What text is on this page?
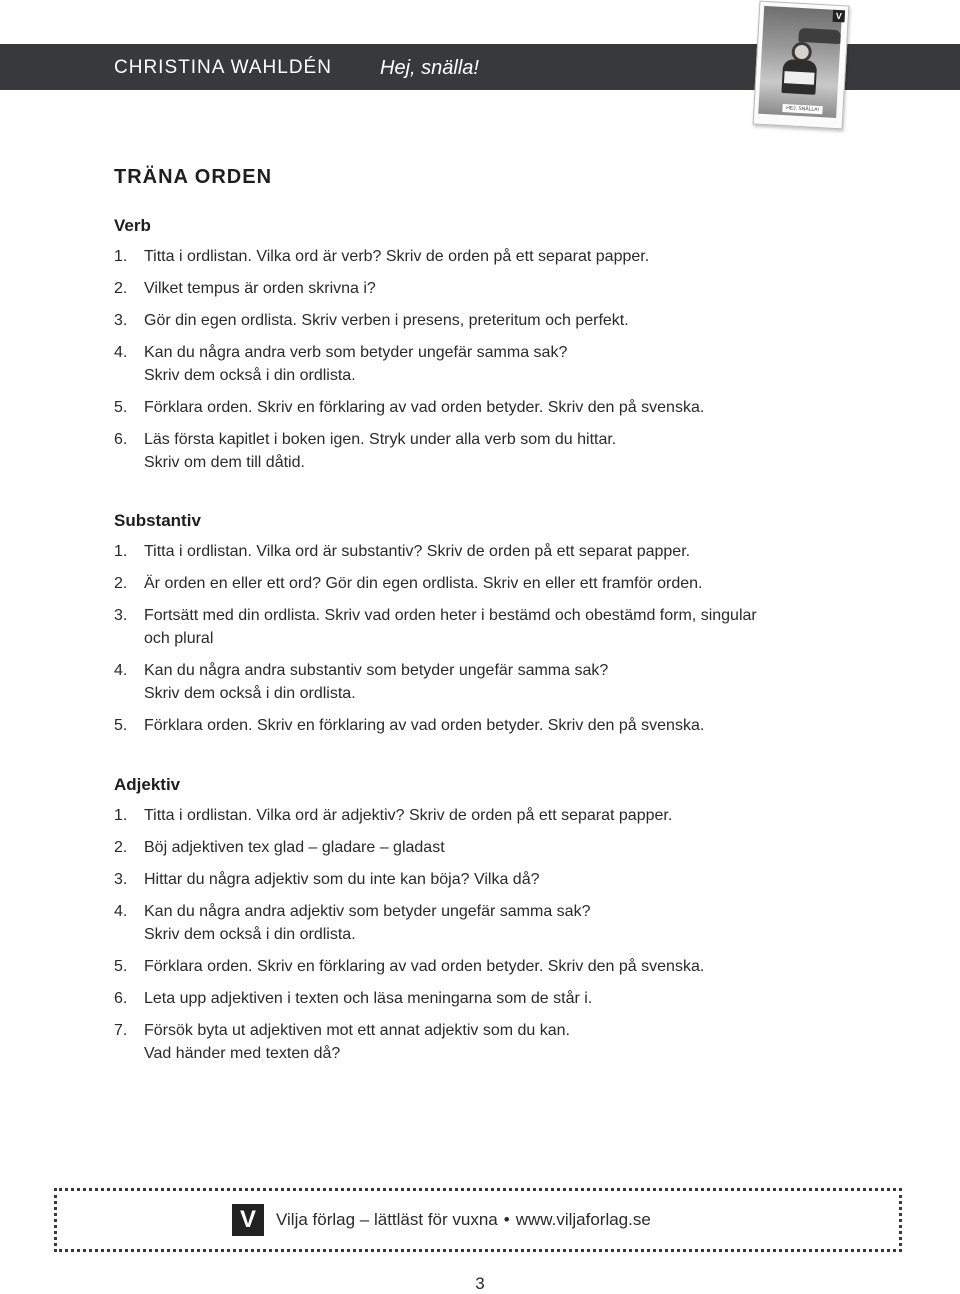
CHRISTINA WAHLDÉN Hej, snälla!
V
HEJ, SNÄLLA!
TRÄNA ORDEN
Verb
1. Titta i ordlistan. Vilka ord är verb? Skriv de orden på ett separat papper.
2. Vilket tempus är orden skrivna i?
3. Gör din egen ordlista. Skriv verben i presens, preteritum och perfekt.
4. Kan du några andra verb som betyder ungefär samma sak?
Skriv dem också i din ordlista.
5. Förklara orden. Skriv en förklaring av vad orden betyder. Skriv den på svenska.
6. Läs första kapitlet i boken igen. Stryk under alla verb som du hittar.
Skriv om dem till dåtid.
Substantiv
1. Titta i ordlistan. Vilka ord är substantiv? Skriv de orden på ett separat papper.
2. Är orden en eller ett ord? Gör din egen ordlista. Skriv en eller ett framför orden.
3. Fortsätt med din ordlista. Skriv vad orden heter i bestämd och obestämd form, singular
och plural
4. Kan du några andra substantiv som betyder ungefär samma sak?
Skriv dem också i din ordlista.
5. Förklara orden. Skriv en förklaring av vad orden betyder. Skriv den på svenska.
Adjektiv
1. Titta i ordlistan. Vilka ord är adjektiv? Skriv de orden på ett separat papper.
2. Böj adjektiven tex glad – gladare – gladast
3. Hittar du några adjektiv som du inte kan böja? Vilka då?
4. Kan du några andra adjektiv som betyder ungefär samma sak?
Skriv dem också i din ordlista.
5. Förklara orden. Skriv en förklaring av vad orden betyder. Skriv den på svenska.
6. Leta upp adjektiven i texten och läsa meningarna som de står i.
7. Försök byta ut adjektiven mot ett annat adjektiv som du kan.
Vad händer med texten då?
V	Vilja förlag – lättläst för vuxna • www.viljaforlag.se
3
